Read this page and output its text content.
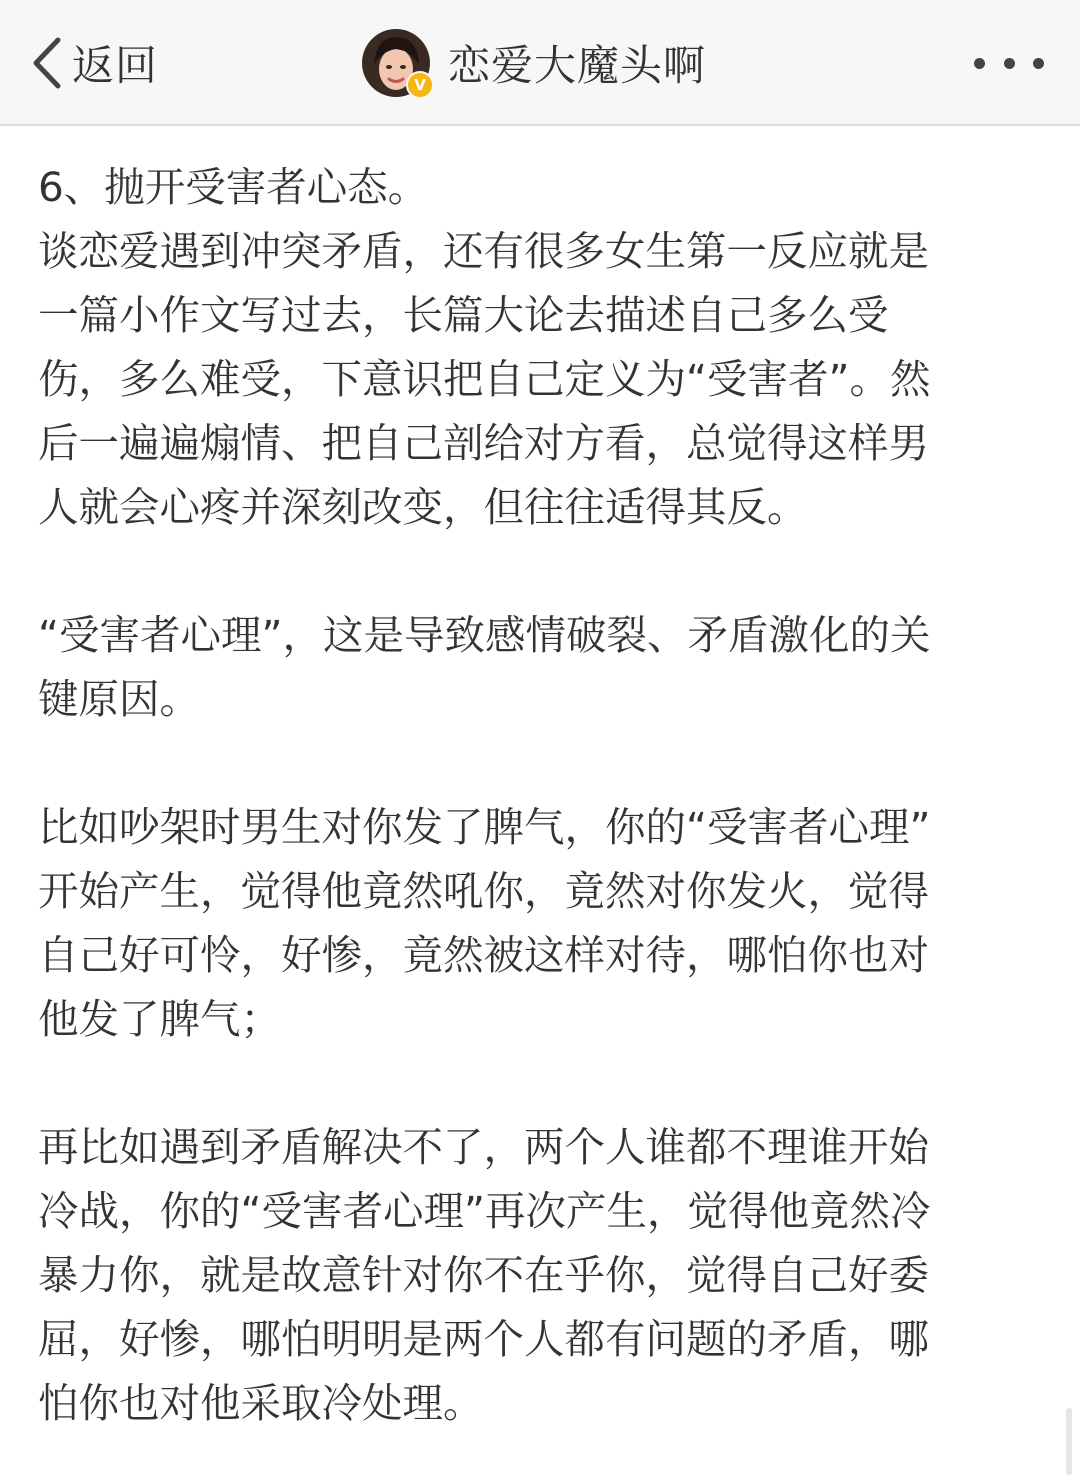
返回	V 恋爱大魔头啊
6、抛开受害者心态。
谈恋爱遇到冲突矛盾，还有很多女生第一反应就是
一篇小作文写过去，长篇大论去描述自己多么受
伤，多么难受，下意识把自己定义为“受害者”。然
后一遍遍煽情、把自己剖给对方看，总觉得这样男
人就会心疼并深刻改变，但往往适得其反。
“受害者心理”，这是导致感情破裂、矛盾激化的关
键原因。
比如吵架时男生对你发了脾气，你的“受害者心理”
开始产生，觉得他竟然吼你，竟然对你发火，觉得
自己好可怜，好惨，竟然被这样对待，哪怕你也对
他发了脾气；
再比如遇到矛盾解决不了，两个人谁都不理谁开始
冷战，你的“受害者心理”再次产生，觉得他竟然冷
暴力你，就是故意针对你不在乎你，觉得自己好委
屈，好惨，哪怕明明是两个人都有问题的矛盾，哪
怕你也对他采取冷处理。
